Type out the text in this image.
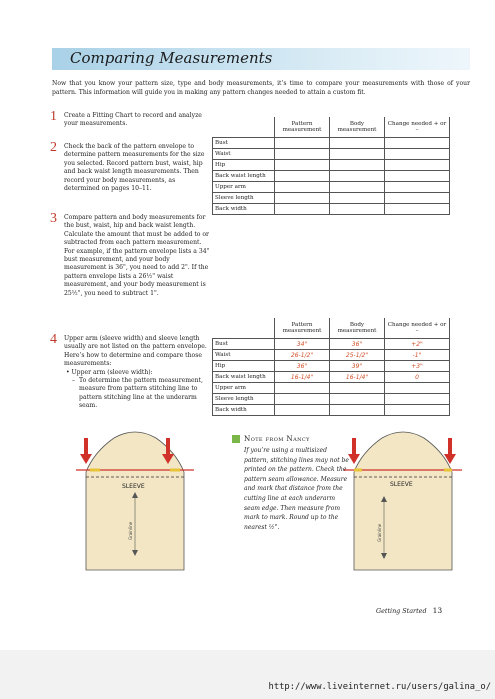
Comparing Measurements
Now that you know your pattern size, type and body measurements, it’s time to compare your measurements with those of your pattern. This information will guide you in making any pattern changes needed to attain a custom fit.
1 Create a Fitting Chart to record and analyze your measurements.
2 Check the back of the pattern envelope to determine pattern measurements for the size you selected. Record pattern bust, waist, hip and back waist length measurements. Then record your body measurements, as determined on pages 10–11.
3 Compare pattern and body measurements for the bust, waist, hip and back waist length. Calculate the amount that must be added to or subtracted from each pattern measurement. For example, if the pattern envelope lists a 34" bust measurement, and your body measurement is 36", you need to add 2". If the pattern envelope lists a 26½" waist measurement, and your body measurement is 25½", you need to subtract 1".
4 Upper arm (sleeve width) and sleeve length usually are not listed on the pattern envelope. Here’s how to determine and compare those measurements:
• Upper arm (sleeve width):
– To determine the pattern measurement, measure from pattern stitching line to pattern stitching line at the underarm seam.
	Pattern measurement	Body measurement	Change needed + or –
Bust			
Waist			
Hip			
Back waist length			
Upper arm			
Sleeve length			
Back width			
	Pattern measurement	Body measurement	Change needed + or –
Bust	34"	36"	+2"
Waist	26-1/2"	25-1/2"	-1"
Hip	36"	39"	+3"
Back waist length	16-1/4"	16-1/4"	0
Upper arm			
Sleeve length			
Back width			
SLEEVE
Grainline
Note from Nancy
If you’re using a multisized pattern, stitching lines may not be printed on the pattern. Check the pattern seam allowance. Measure and mark that distance from the cutting line at each underarm seam edge. Then measure from mark to mark. Round up to the nearest ½".
SLEEVE
Grainline
Getting Started 13
http://www.liveinternet.ru/users/galina_o/
